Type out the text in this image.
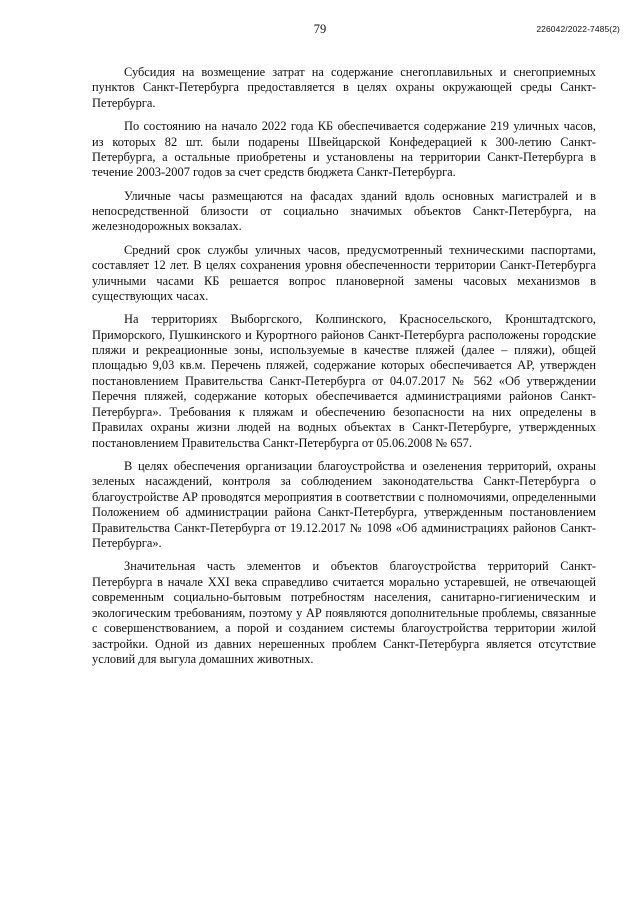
79	226042/2022-7485(2)

Субсидия на возмещение затрат на содержание снегоплавильных и снегоприемных пунктов Санкт-Петербурга предоставляется в целях охраны окружающей среды Санкт-Петербурга.

По состоянию на начало 2022 года КБ обеспечивается содержание 219 уличных часов, из которых 82 шт. были подарены Швейцарской Конфедерацией к 300-летию Санкт-Петербурга, а остальные приобретены и установлены на территории Санкт-Петербурга в течение 2003-2007 годов за счет средств бюджета Санкт-Петербурга.

Уличные часы размещаются на фасадах зданий вдоль основных магистралей и в непосредственной близости от социально значимых объектов Санкт-Петербурга, на железнодорожных вокзалах.

Средний срок службы уличных часов, предусмотренный техническими паспортами, составляет 12 лет. В целях сохранения уровня обеспеченности территории Санкт-Петербурга уличными часами КБ решается вопрос плановерной замены часовых механизмов в существующих часах.

На территориях Выборгского, Колпинского, Красносельского, Кронштадтского, Приморского, Пушкинского и Курортного районов Санкт-Петербурга расположены городские пляжи и рекреационные зоны, используемые в качестве пляжей (далее – пляжи), общей площадью 9,03 кв.м. Перечень пляжей, содержание которых обеспечивается АР, утвержден постановлением Правительства Санкт-Петербурга от 04.07.2017 № 562 «Об утверждении Перечня пляжей, содержание которых обеспечивается администрациями районов Санкт-Петербурга». Требования к пляжам и обеспечению безопасности на них определены в Правилах охраны жизни людей на водных объектах в Санкт-Петербурге, утвержденных постановлением Правительства Санкт-Петербурга от 05.06.2008 № 657.

В целях обеспечения организации благоустройства и озеленения территорий, охраны зеленых насаждений, контроля за соблюдением законодательства Санкт-Петербурга о благоустройстве АР проводятся мероприятия в соответствии с полномочиями, определенными Положением об администрации района Санкт-Петербурга, утвержденным постановлением Правительства Санкт-Петербурга от 19.12.2017 № 1098 «Об администрациях районов Санкт-Петербурга».

Значительная часть элементов и объектов благоустройства территорий Санкт-Петербурга в начале XXI века справедливо считается морально устаревшей, не отвечающей современным социально-бытовым потребностям населения, санитарно-гигиеническим и экологическим требованиям, поэтому у АР появляются дополнительные проблемы, связанные с совершенствованием, а порой и созданием системы благоустройства территории жилой застройки. Одной из давних нерешенных проблем Санкт-Петербурга является отсутствие условий для выгула домашних животных.
